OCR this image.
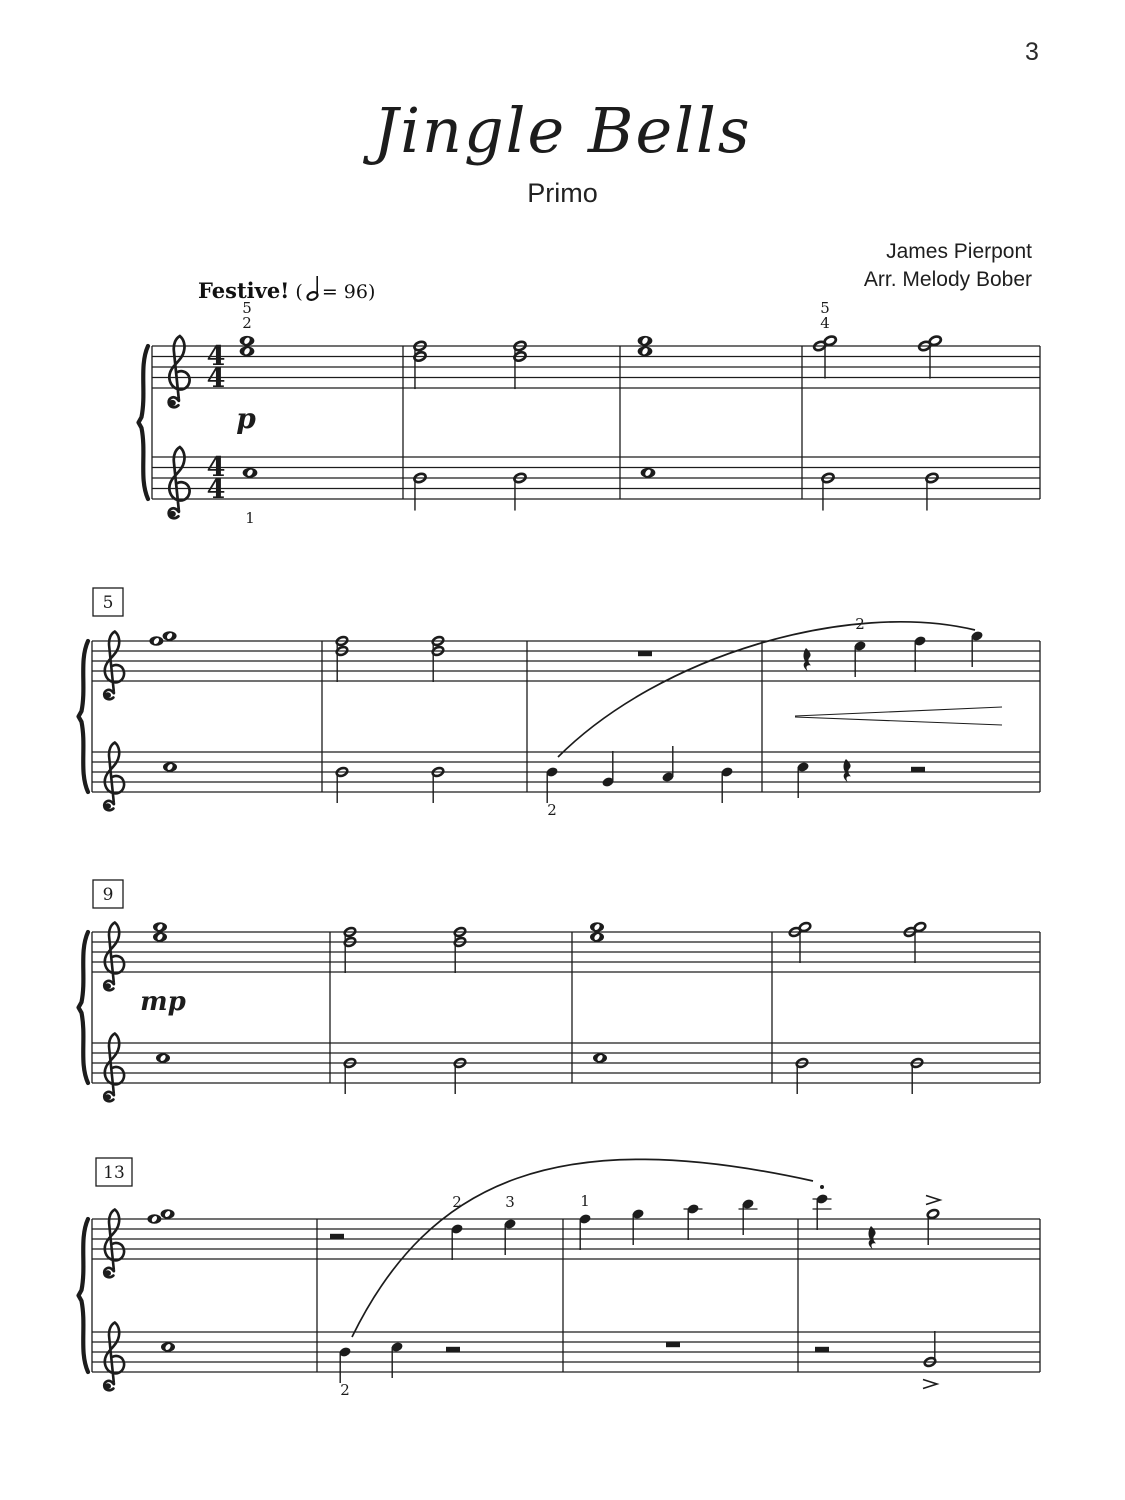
3
Jingle Bells
Primo
James Pierpont
Arr. Melody Bober
Festive! ( = 96)
4
4
4
4
2
5
4
5
1
p
2
2
5
mp
9
2	3	1
2
13
